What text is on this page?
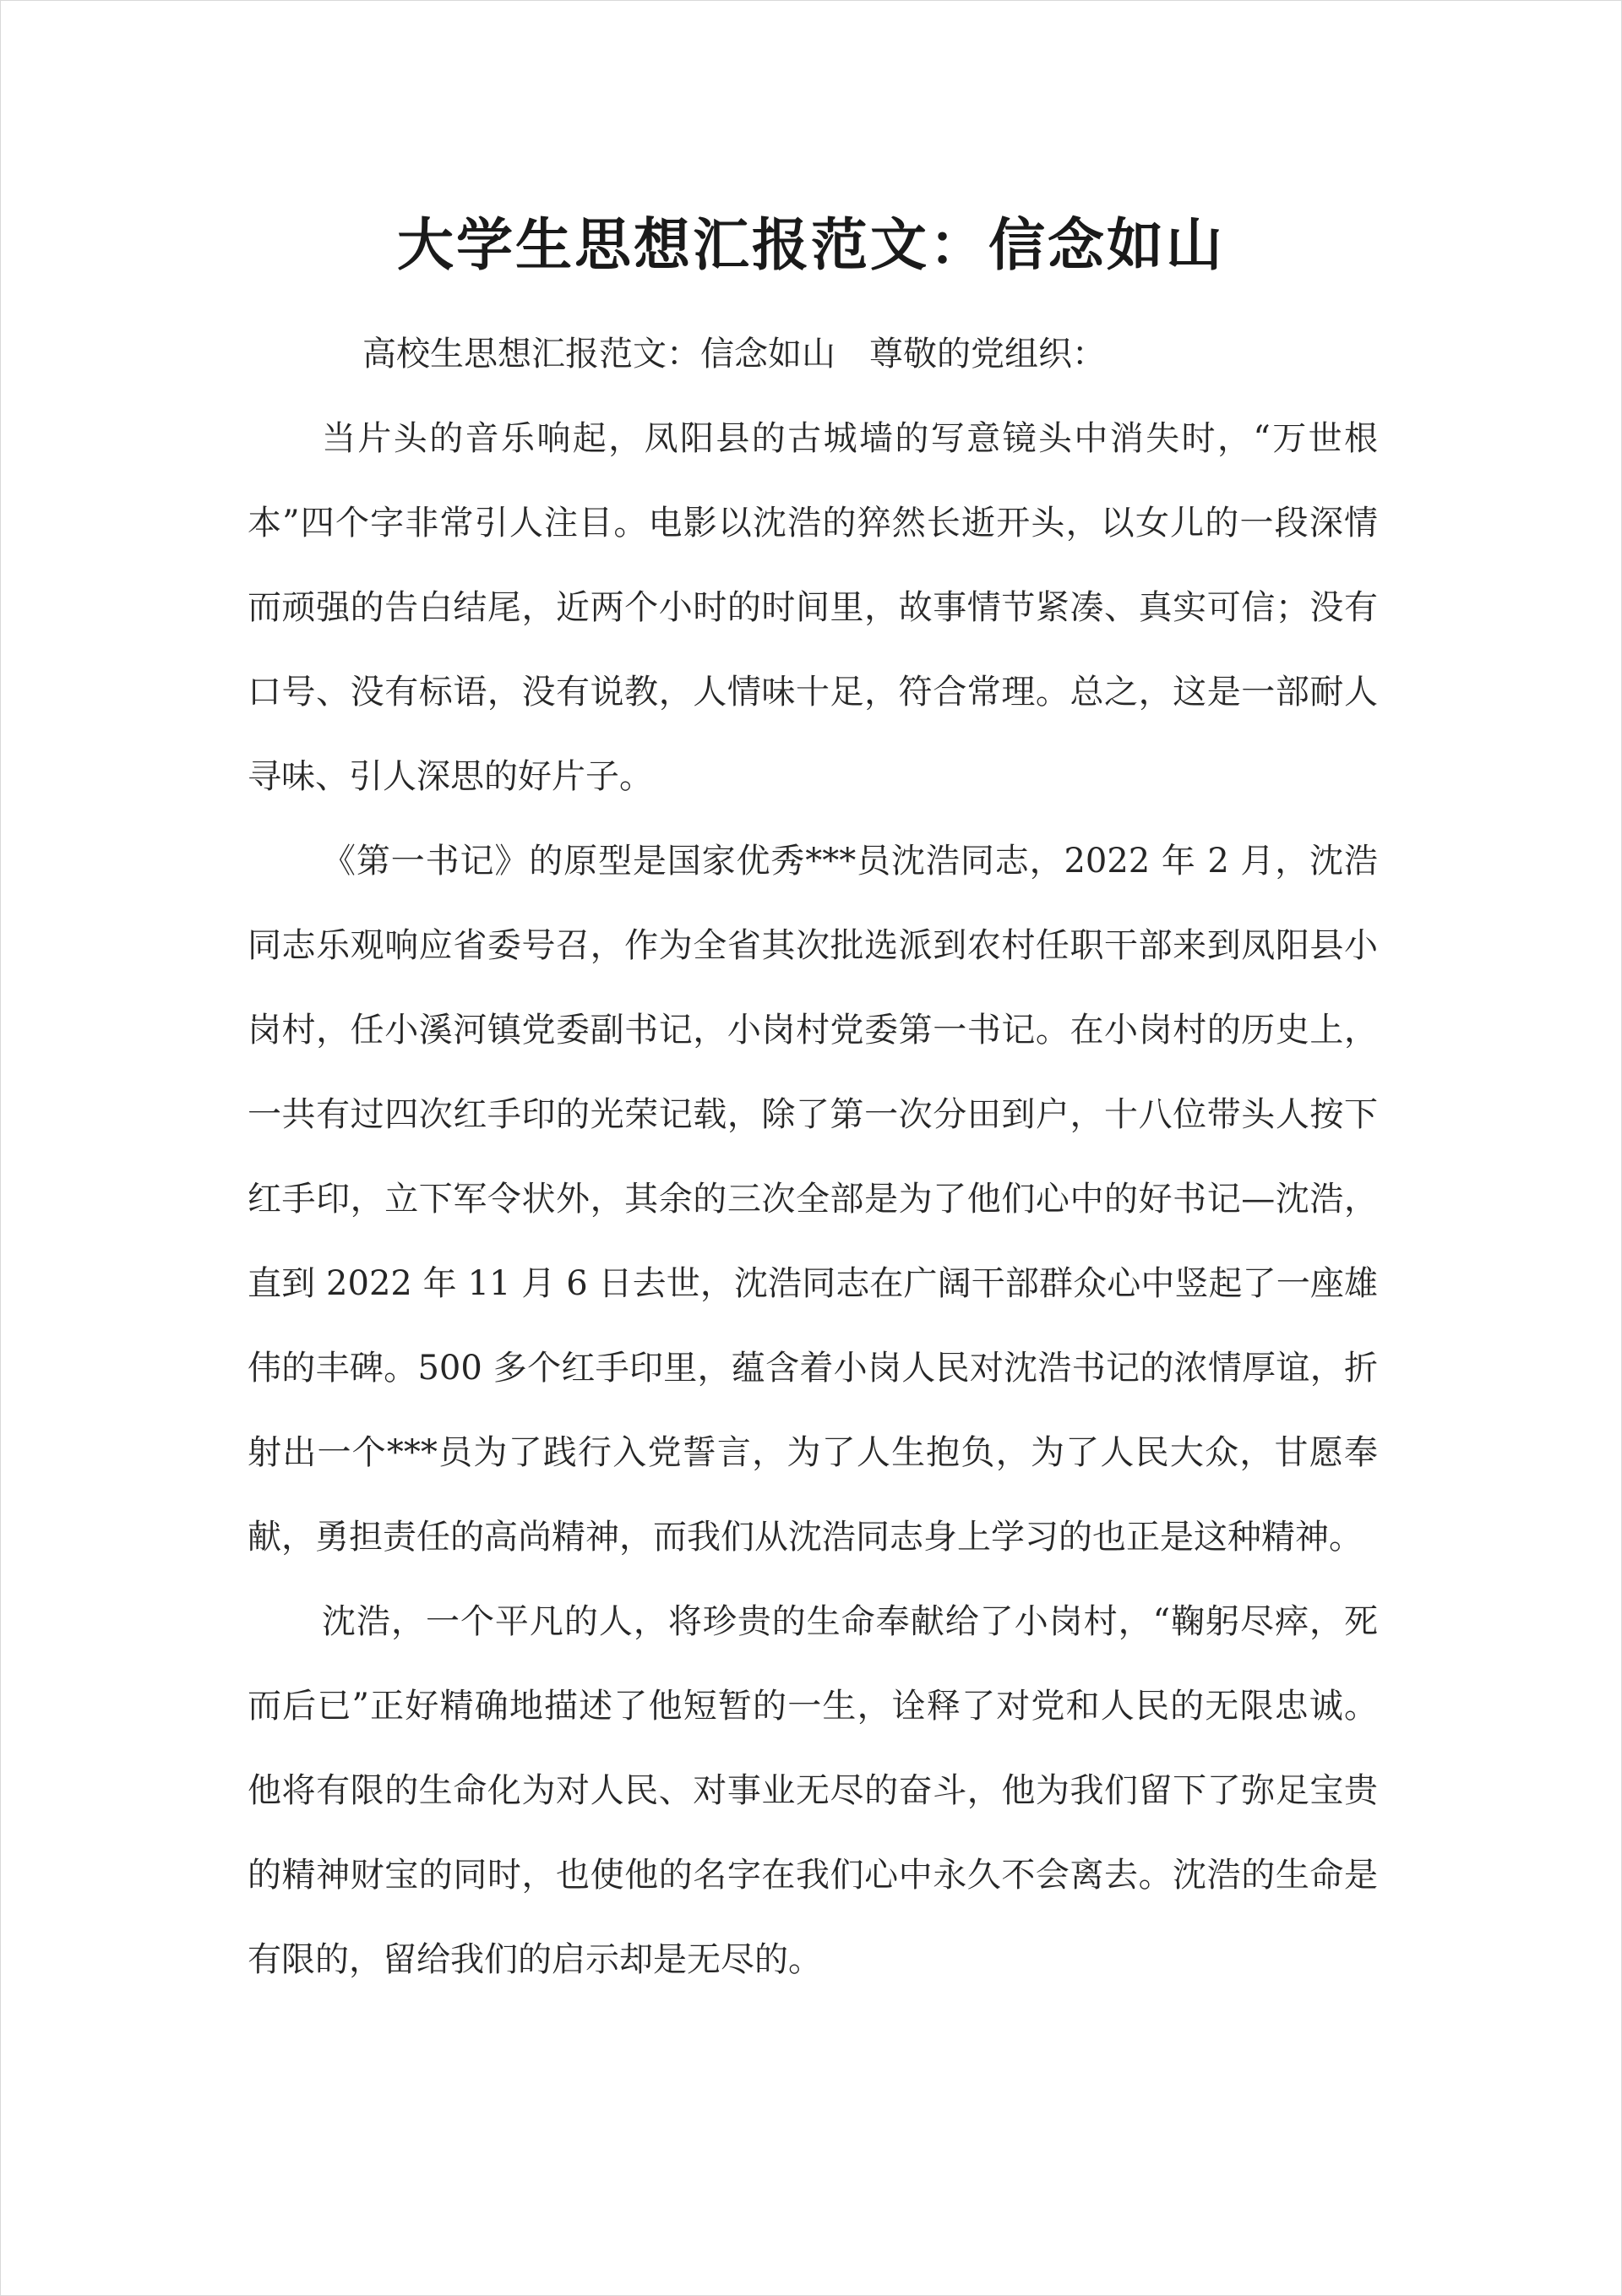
大学生思想汇报范文：信念如山

高校生思想汇报范文：信念如山　尊敬的党组织：

当片头的音乐响起，凤阳县的古城墙的写意镜头中消失时，“万世根本”四个字非常引人注目。电影以沈浩的猝然长逝开头，以女儿的一段深情而顽强的告白结尾，近两个小时的时间里，故事情节紧凑、真实可信；没有口号、没有标语，没有说教，人情味十足，符合常理。总之，这是一部耐人寻味、引人深思的好片子。

《第一书记》的原型是国家优秀***员沈浩同志，2022 年 2 月，沈浩同志乐观响应省委号召，作为全省其次批选派到农村任职干部来到凤阳县小岗村，任小溪河镇党委副书记，小岗村党委第一书记。在小岗村的历史上，一共有过四次红手印的光荣记载，除了第一次分田到户，十八位带头人按下红手印，立下军令状外，其余的三次全部是为了他们心中的好书记—沈浩，直到 2022 年 11 月 6 日去世，沈浩同志在广阔干部群众心中竖起了一座雄伟的丰碑。500 多个红手印里，蕴含着小岗人民对沈浩书记的浓情厚谊，折射出一个***员为了践行入党誓言，为了人生抱负，为了人民大众，甘愿奉献，勇担责任的高尚精神，而我们从沈浩同志身上学习的也正是这种精神。

沈浩，一个平凡的人，将珍贵的生命奉献给了小岗村，“鞠躬尽瘁，死而后已”正好精确地描述了他短暂的一生，诠释了对党和人民的无限忠诚。他将有限的生命化为对人民、对事业无尽的奋斗，他为我们留下了弥足宝贵的精神财宝的同时，也使他的名字在我们心中永久不会离去。沈浩的生命是有限的，留给我们的启示却是无尽的。
